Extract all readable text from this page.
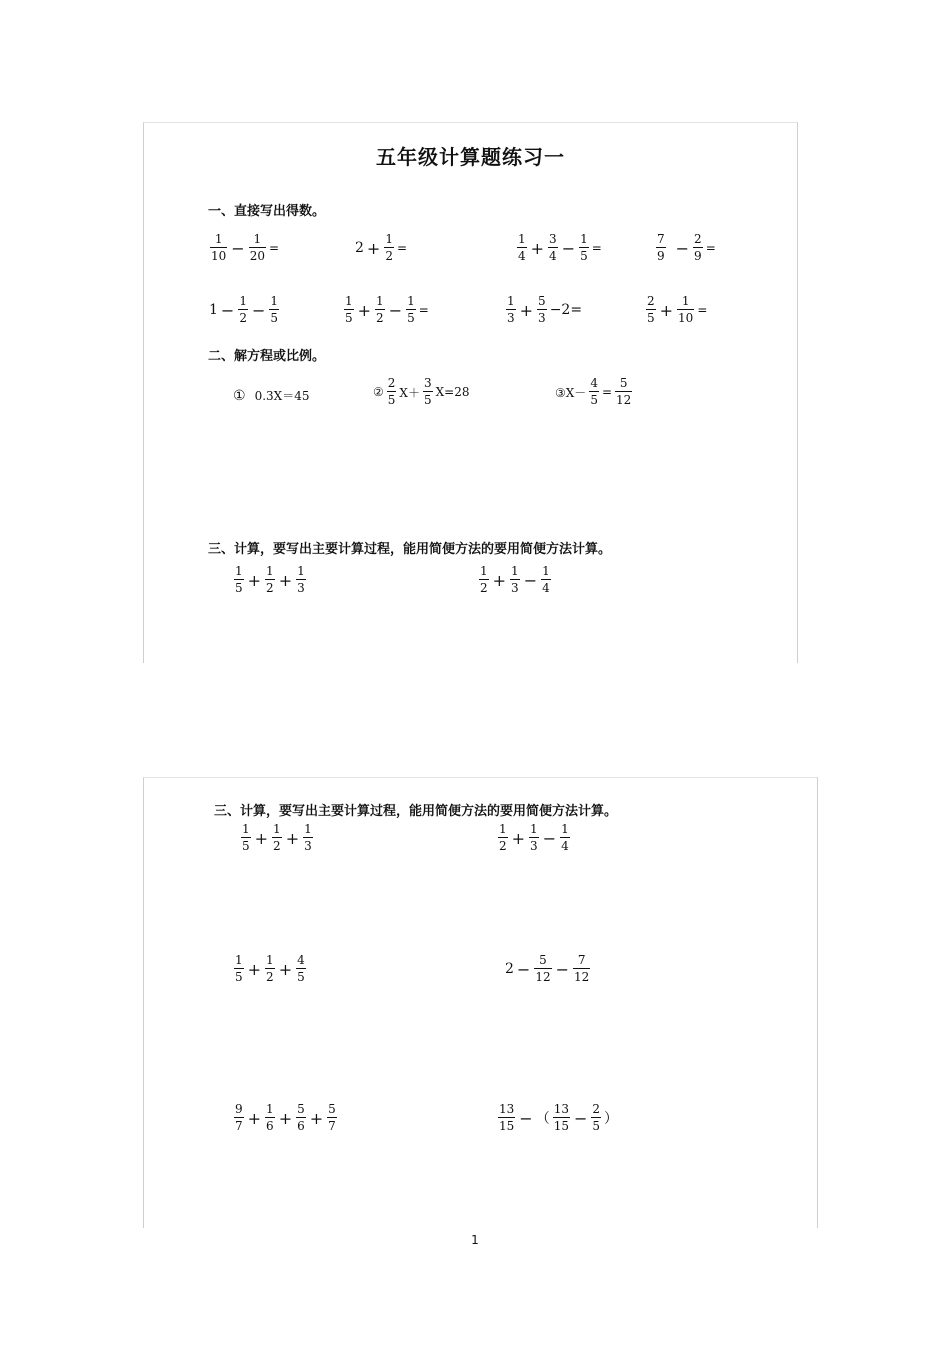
五年级计算题练习一
一、直接写出得数。
$\frac{1}{10} - \frac{1}{20}$ =	$2 + \frac{1}{2}$ =	$\frac{1}{4} + \frac{3}{4} - \frac{1}{5}$ =	$\frac{7}{9} - \frac{2}{9}$ =
$1 - \frac{1}{2} - \frac{1}{5}$	$\frac{1}{5} + \frac{1}{2} - \frac{1}{5}$ =	$\frac{1}{3} + \frac{5}{3} -2=$	$\frac{2}{5} + \frac{1}{10}$ =
二、解方程或比例。
① 0.3X＝45	② $\frac{2}{5} X+ \frac{3}{5} X=28$	③X－ $\frac{4}{5} = \frac{5}{12}$
三、计算，要写出主要计算过程，能用简便方法的要用简便方法计算。
$\frac{1}{5} + \frac{1}{2} + \frac{1}{3}$	$\frac{1}{2} + \frac{1}{3} - \frac{1}{4}$
三、计算，要写出主要计算过程，能用简便方法的要用简便方法计算。
$\frac{1}{5} + \frac{1}{2} + \frac{1}{3}$	$\frac{1}{2} + \frac{1}{3} - \frac{1}{4}$
$\frac{1}{5} + \frac{1}{2} + \frac{4}{5}$	$2 - \frac{5}{12} - \frac{7}{12}$
$\frac{9}{7} + \frac{1}{6} + \frac{5}{6} + \frac{5}{7}$	$\frac{13}{15}$ − （ $\frac{13}{15} - \frac{2}{5}$ ）
1
